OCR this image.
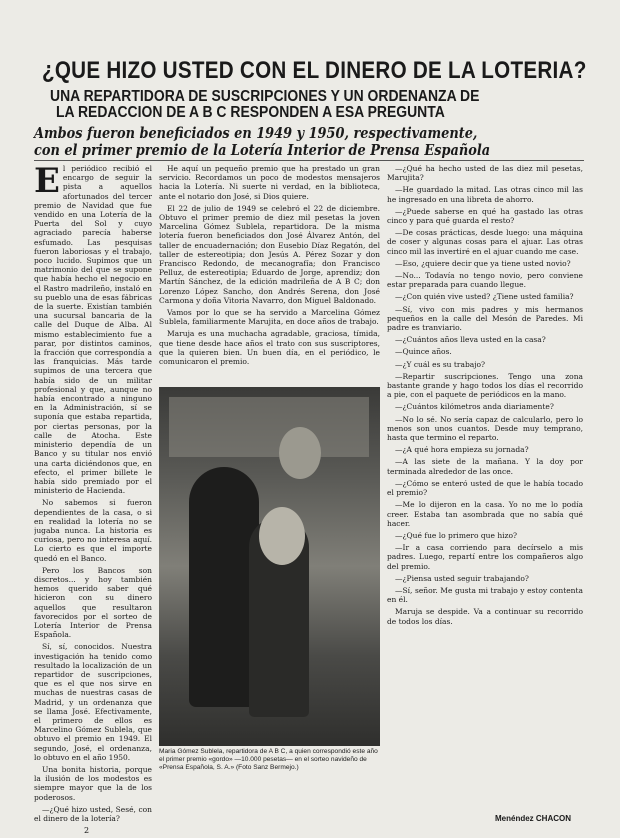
¿QUE HIZO USTED CON EL DINERO DE LA LOTERIA?
UNA REPARTIDORA DE SUSCRIPCIONES Y UN ORDENANZA DE
LA REDACCION DE A B C RESPONDEN A ESA PREGUNTA
Ambos fueron beneficiados en 1949 y 1950, respectivamente,
con el primer premio de la Lotería Interior de Prensa Española

El periódico recibió el encargo de seguir la pista a aquellos afortunados del tercer premio de Navidad que fue vendido en una Lotería de la Puerta del Sol y cuyo agraciado parecía haberse esfumado. Las pesquisas fueron laboriosas y el trabajo, poco lucido. Supimos que un matrimonio del que se supone que había hecho el negocio en el Rastro madrileño, instaló en su pueblo una de esas fábricas de la suerte. Existían también una sucursal bancaria de la calle del Duque de Alba. Al mismo establecimiento fue a parar, por distintos caminos, la fracción que correspondía a las franquicias. Más tarde supimos de una tercera que había sido de un militar profesional y que, aunque no había encontrado a ninguno en la Administración, sí se suponía que estaba repartida, por ciertas personas, por la calle de Atocha. Este ministerio dependía de un Banco y su titular nos envió una carta diciéndonos que, en efecto, el primer billete le había sido premiado por el ministerio de Hacienda.

No sabemos si fueron dependientes de la casa, o si en realidad la lotería no se jugaba nunca. La historia es curiosa, pero no interesa aquí. Lo cierto es que el importe quedó en el Banco.

Pero los Bancos son discretos... y hoy también hemos querido saber qué hicieron con su dinero aquellos que resultaron favorecidos por el sorteo de Lotería Interior de Prensa Española.

Sí, sí, conocidos. Nuestra investigación ha tenido como resultado la localización de un repartidor de suscripciones, que es el que nos sirve en muchas de nuestras casas de Madrid, y un ordenanza que se llama José. Efectivamente, el primero de ellos es Marcelino Gómez Sublela, que obtuvo el premio en 1949. El segundo, José, el ordenanza, lo obtuvo en el año 1950.

Una bonita historia, porque la ilusión de los modestos es siempre mayor que la de los poderosos.

—¿Qué hizo usted, Sesé, con el dinero de la lotería?

He aquí un pequeño premio que ha prestado un gran servicio. Recordamos un poco de modestos mensajeros hacia la Lotería. Ni suerte ni verdad, en la biblioteca, ante el notario don José, si Dios quiere.

El 22 de julio de 1949 se celebró el 22 de diciembre. Obtuvo el primer premio de diez mil pesetas la joven Marcelina Gómez Sublela, repartidora. De la misma lotería fueron beneficiados don José Álvarez Antón, del taller de encuadernación; don Eusebio Díaz Regatón, del taller de estereotipia; don Jesús A. Pérez Sozar y don Francisco Redondo, de mecanografía; don Francisco Pelluz, de estereotipia; Eduardo de Jorge, aprendiz; don Martín Sánchez, de la edición madrileña de A B C; don Lorenzo López Sancho, don Andrés Serena, don José Carmona y doña Vitoria Navarro, don Miguel Baldonado.

Vamos por lo que se ha servido a Marcelina Gómez Sublela, familiarmente Marujita, en doce años de trabajo.

Maruja es una muchacha agradable, graciosa, tímida, que tiene desde hace años el trato con sus suscriptores, que la quieren bien. Un buen día, en el periódico, le comunicaron el premio.

Maria Gómez Sublela, repartidora de A B C, a quien correspondió este año el primer premio «gordo» —10.000 pesetas— en el sorteo navideño de «Prensa Española, S. A.» (Foto Sanz Bermejo.)

—¿Qué ha hecho usted de las diez mil pesetas, Marujita?

—He guardado la mitad. Las otras cinco mil las he ingresado en una libreta de ahorro.

—¿Puede saberse en qué ha gastado las otras cinco y para qué guarda el resto?

—De cosas prácticas, desde luego: una máquina de coser y algunas cosas para el ajuar. Las otras cinco mil las invertiré en el ajuar cuando me case.

—Eso, ¿quiere decir que ya tiene usted novio?

—No... Todavía no tengo novio, pero conviene estar preparada para cuando llegue.

—¿Con quién vive usted? ¿Tiene usted familia?

—Sí, vivo con mis padres y mis hermanos pequeños en la calle del Mesón de Paredes. Mi padre es tranviario.

—¿Cuántos años lleva usted en la casa?

—Quince años.

—¿Y cuál es su trabajo?

—Repartir suscripciones. Tengo una zona bastante grande y hago todos los días el recorrido a pie, con el paquete de periódicos en la mano.

—¿Cuántos kilómetros anda diariamente?

—No lo sé. No sería capaz de calcularlo, pero lo menos son unos cuantos. Desde muy temprano, hasta que termino el reparto.

—¿A qué hora empieza su jornada?

—A las siete de la mañana. Y la doy por terminada alrededor de las once.

—¿Cómo se enteró usted de que le había tocado el premio?

—Me lo dijeron en la casa. Yo no me lo podía creer. Estaba tan asombrada que no sabía qué hacer.

—¿Qué fue lo primero que hizo?

—Ir a casa corriendo para decírselo a mis padres. Luego, repartí entre los compañeros algo del premio.

—¿Piensa usted seguir trabajando?

—Sí, señor. Me gusta mi trabajo y estoy contenta en él.

Maruja se despide. Va a continuar su recorrido de todos los días.

Menéndez CHACON
2
